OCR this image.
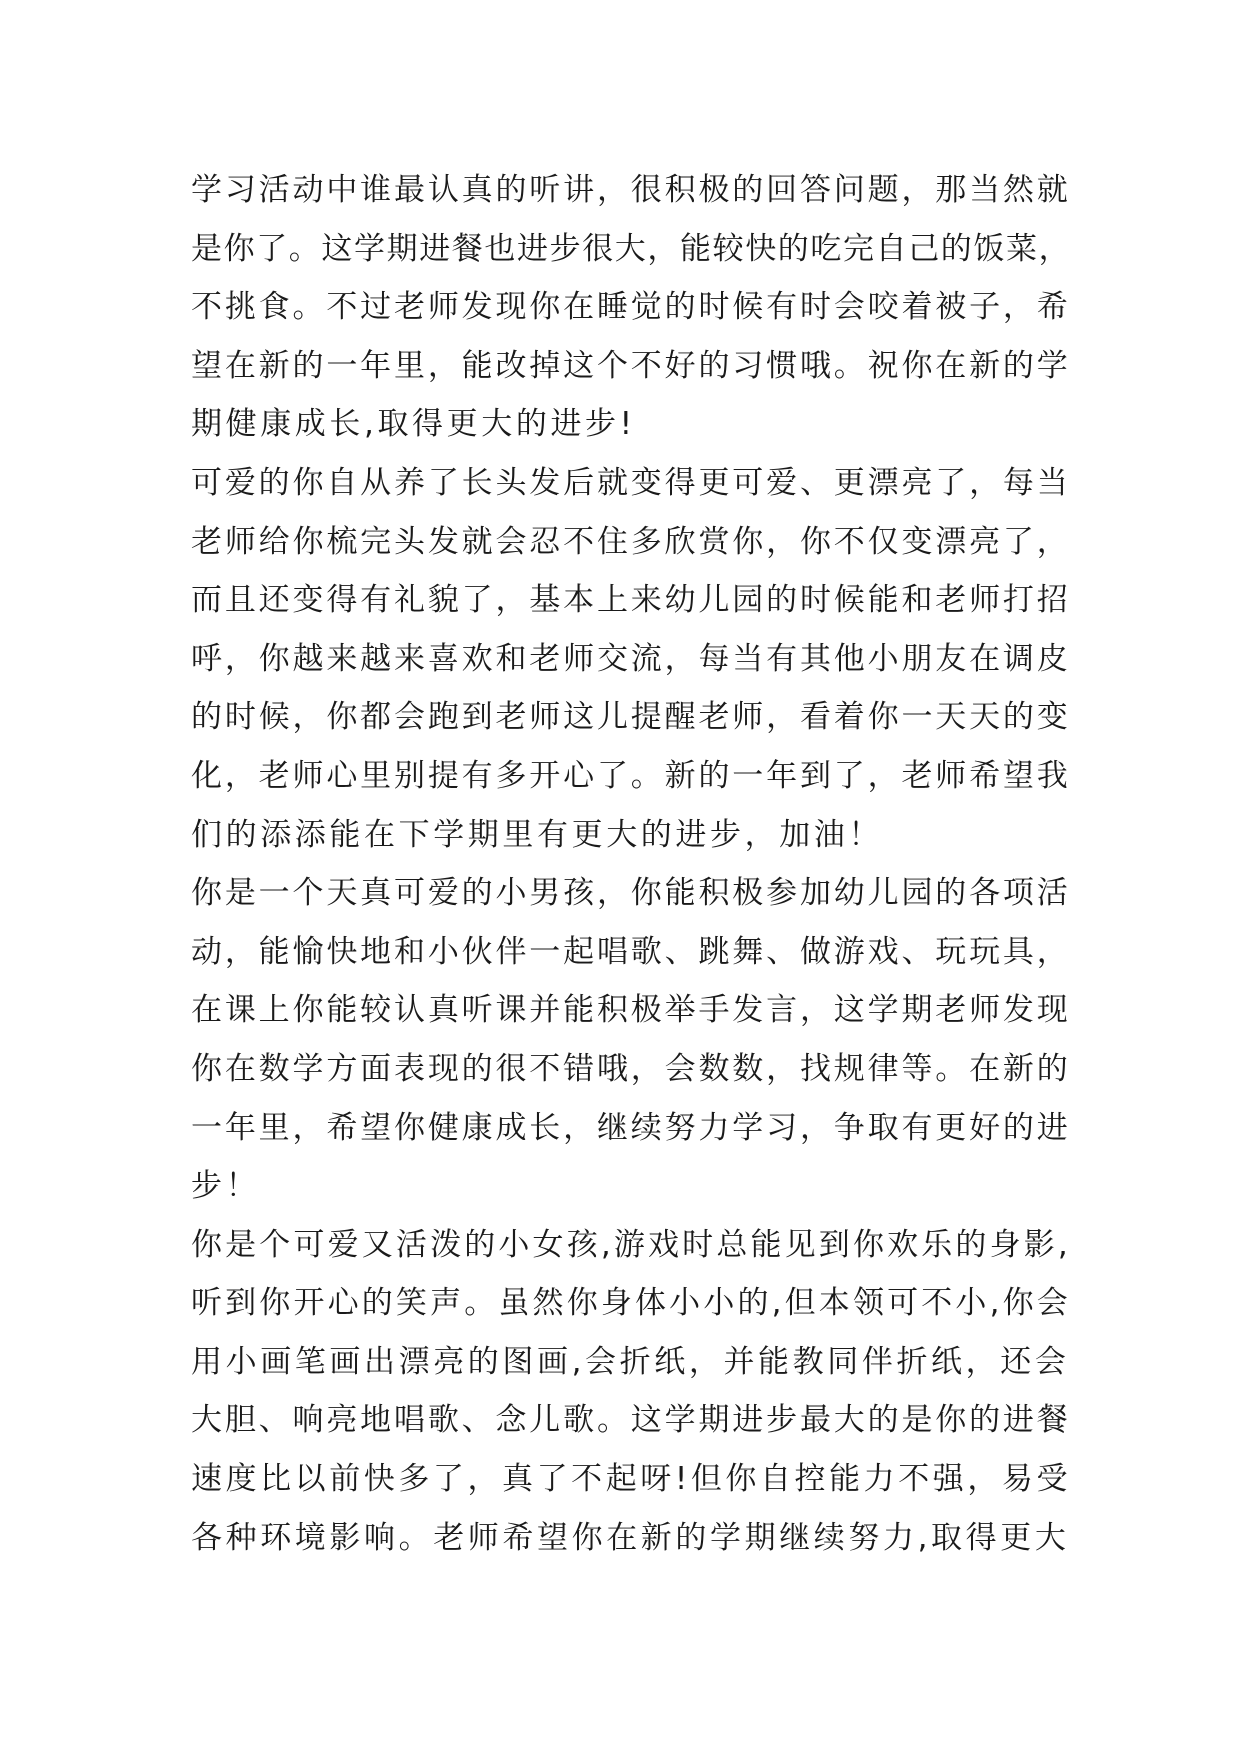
学习活动中谁最认真的听讲，很积极的回答问题，那当然就
是你了。这学期进餐也进步很大，能较快的吃完自己的饭菜，
不挑食。不过老师发现你在睡觉的时候有时会咬着被子，希
望在新的一年里，能改掉这个不好的习惯哦。祝你在新的学
期健康成长,取得更大的进步!
可爱的你自从养了长头发后就变得更可爱、更漂亮了，每当
老师给你梳完头发就会忍不住多欣赏你，你不仅变漂亮了，
而且还变得有礼貌了，基本上来幼儿园的时候能和老师打招
呼，你越来越来喜欢和老师交流，每当有其他小朋友在调皮
的时候，你都会跑到老师这儿提醒老师，看着你一天天的变
化，老师心里别提有多开心了。新的一年到了，老师希望我
们的添添能在下学期里有更大的进步，加油！
你是一个天真可爱的小男孩，你能积极参加幼儿园的各项活
动，能愉快地和小伙伴一起唱歌、跳舞、做游戏、玩玩具，
在课上你能较认真听课并能积极举手发言，这学期老师发现
你在数学方面表现的很不错哦，会数数，找规律等。在新的
一年里，希望你健康成长，继续努力学习，争取有更好的进
步！
你是个可爱又活泼的小女孩,游戏时总能见到你欢乐的身影,
听到你开心的笑声。虽然你身体小小的,但本领可不小,你会
用小画笔画出漂亮的图画,会折纸，并能教同伴折纸，还会
大胆、响亮地唱歌、念儿歌。这学期进步最大的是你的进餐
速度比以前快多了，真了不起呀!但你自控能力不强，易受
各种环境影响。老师希望你在新的学期继续努力,取得更大
